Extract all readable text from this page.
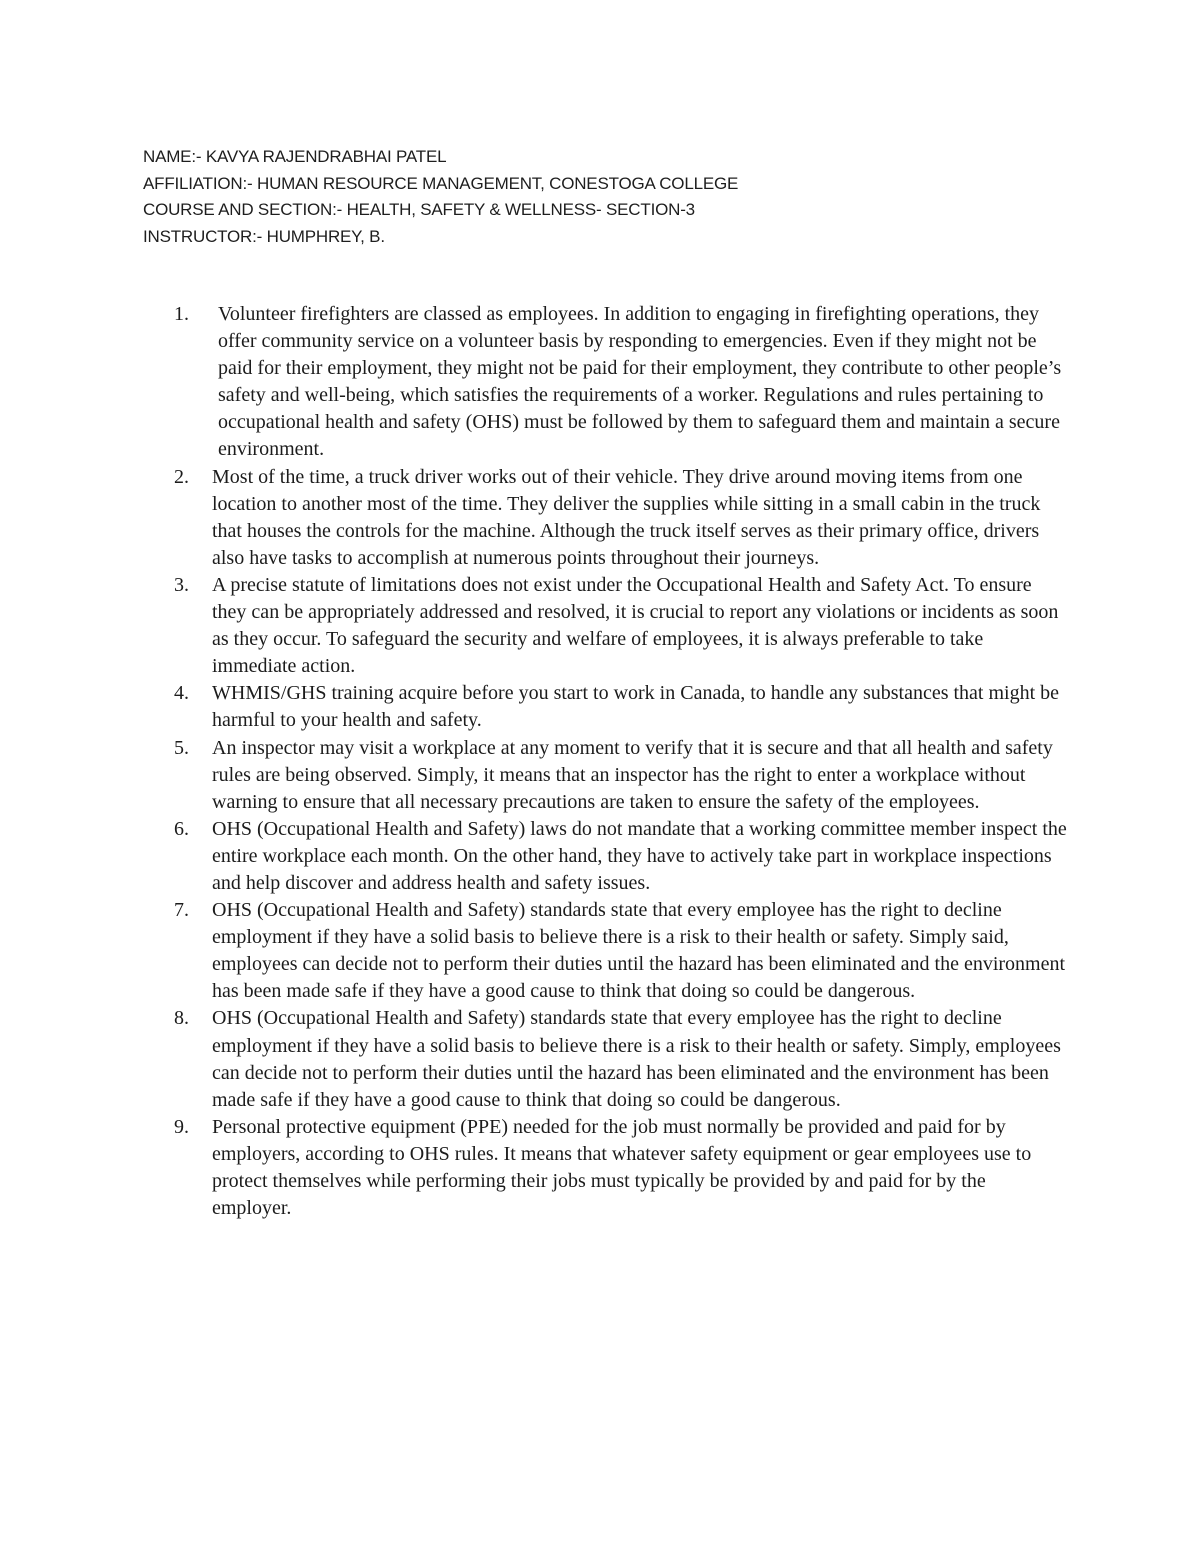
NAME:- KAVYA RAJENDRABHAI PATEL
AFFILIATION:- HUMAN RESOURCE MANAGEMENT, CONESTOGA COLLEGE
COURSE AND SECTION:- HEALTH, SAFETY & WELLNESS- SECTION-3
INSTRUCTOR:- HUMPHREY, B.
1.	Volunteer firefighters are classed as employees. In addition to engaging in firefighting operations, they offer community service on a volunteer basis by responding to emergencies. Even if they might not be paid for their employment, they might not be paid for their employment, they contribute to other people’s safety and well-being, which satisfies the requirements of a worker. Regulations and rules pertaining to occupational health and safety (OHS) must be followed by them to safeguard them and maintain a secure environment.
2.	Most of the time, a truck driver works out of their vehicle. They drive around moving items from one location to another most of the time. They deliver the supplies while sitting in a small cabin in the truck that houses the controls for the machine. Although the truck itself serves as their primary office, drivers also have tasks to accomplish at numerous points throughout their journeys.
3.	A precise statute of limitations does not exist under the Occupational Health and Safety Act. To ensure they can be appropriately addressed and resolved, it is crucial to report any violations or incidents as soon as they occur. To safeguard the security and welfare of employees, it is always preferable to take immediate action.
4.	WHMIS/GHS training acquire before you start to work in Canada, to handle any substances that might be harmful to your health and safety.
5.	An inspector may visit a workplace at any moment to verify that it is secure and that all health and safety rules are being observed. Simply, it means that an inspector has the right to enter a workplace without warning to ensure that all necessary precautions are taken to ensure the safety of the employees.
6.	OHS (Occupational Health and Safety) laws do not mandate that a working committee member inspect the entire workplace each month. On the other hand, they have to actively take part in workplace inspections and help discover and address health and safety issues.
7.	OHS (Occupational Health and Safety) standards state that every employee has the right to decline employment if they have a solid basis to believe there is a risk to their health or safety. Simply said, employees can decide not to perform their duties until the hazard has been eliminated and the environment has been made safe if they have a good cause to think that doing so could be dangerous.
8.	OHS (Occupational Health and Safety) standards state that every employee has the right to decline employment if they have a solid basis to believe there is a risk to their health or safety. Simply, employees can decide not to perform their duties until the hazard has been eliminated and the environment has been made safe if they have a good cause to think that doing so could be dangerous.
9.	Personal protective equipment (PPE) needed for the job must normally be provided and paid for by employers, according to OHS rules. It means that whatever safety equipment or gear employees use to protect themselves while performing their jobs must typically be provided by and paid for by the employer.
